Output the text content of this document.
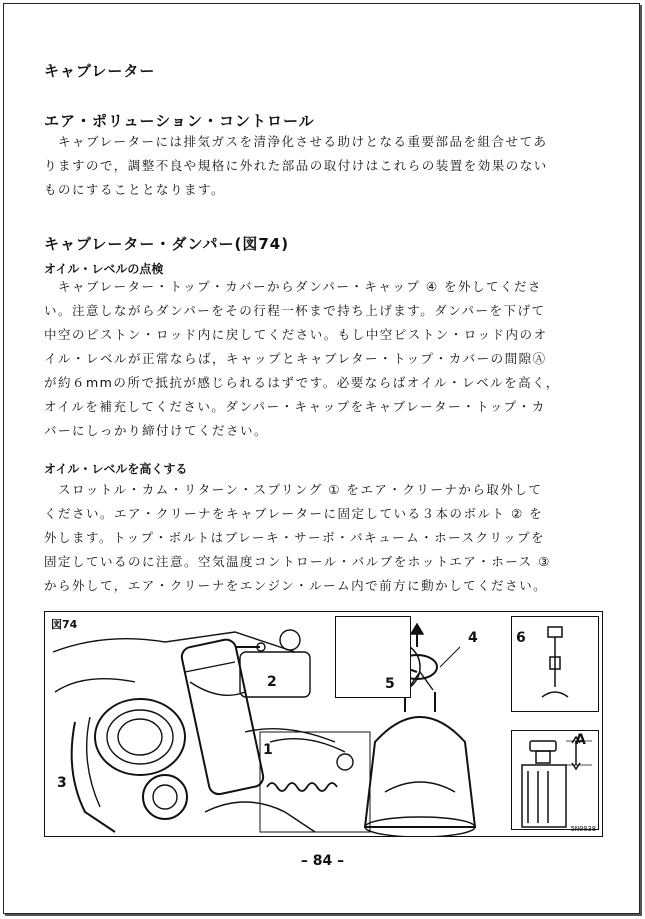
キャブレーター
エア・ポリューション・コントロール
キャブレーターには排気ガスを清浄化させる助けとなる重要部品を組合せてあ
りますので，調整不良や規格に外れた部品の取付けはこれらの装置を効果のない
ものにすることとなります。
キャブレーター・ダンパー(図74)
オイル・レベルの点検
キャブレーター・トップ・カバーからダンパー・キャップ ④ を外してくださ
い。注意しながらダンパーをその行程一杯まで持ち上げます。ダンパーを下げて
中空のピストン・ロッド内に戻してください。もし中空ピストン・ロッド内のオ
イル・レベルが正常ならば，キャップとキャブレター・トップ・カバーの間隙Ⓐ
が約６mmの所で抵抗が感じられるはずです。必要ならばオイル・レベルを高く，
オイルを補充してください。ダンパー・キャップをキャブレーター・トップ・カ
バーにしっかり締付けてください。
オイル・レベルを高くする
スロットル・カム・リターン・スプリング ① をエア・クリーナから取外して
ください。エア・クリーナをキャブレーターに固定している３本のボルト ② を
外します。トップ・ボルトはブレーキ・サーボ・バキューム・ホースクリップを
固定しているのに注意。空気温度コントロール・バルブをホットエア・ホース ③
から外して，エア・クリーナをエンジン・ルーム内で前方に動かしてください。
図74
2	5
4	6
1
3
A
5N0038
– 84 –
